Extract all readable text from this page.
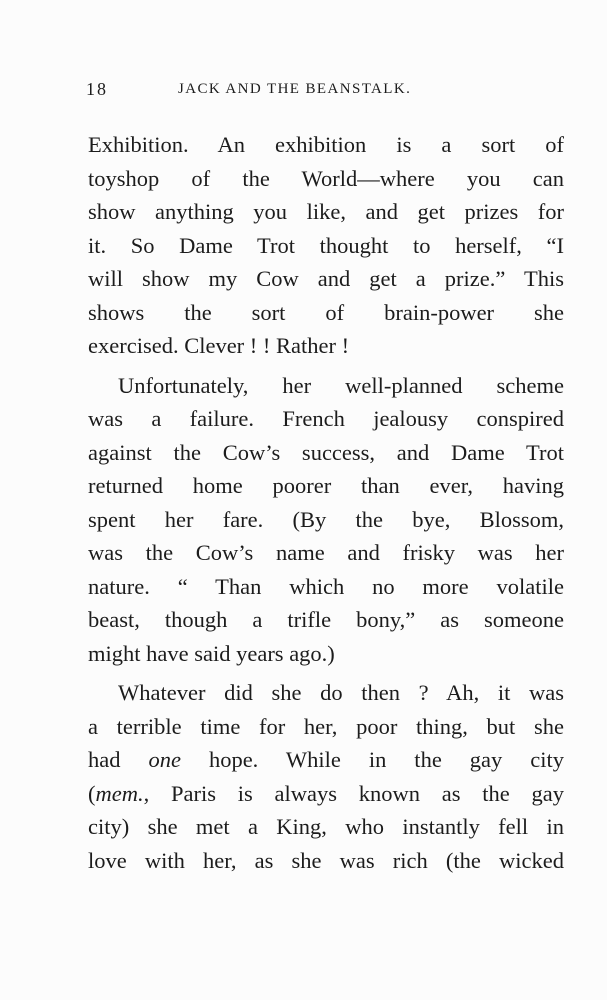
18	JACK AND THE BEANSTALK.
Exhibition. An exhibition is a sort of
toyshop of the World—where you can
show anything you like, and get prizes for
it. So Dame Trot thought to herself, “I
will show my Cow and get a prize.” This
shows the sort of brain-power she
exercised. Clever ! ! Rather !
Unfortunately, her well-planned scheme
was a failure. French jealousy conspired
against the Cow’s success, and Dame Trot
returned home poorer than ever, having
spent her fare. (By the bye, Blossom,
was the Cow’s name and frisky was her
nature. “ Than which no more volatile
beast, though a trifle bony,” as someone
might have said years ago.)
Whatever did she do then ? Ah, it was
a terrible time for her, poor thing, but she
had one hope. While in the gay city
(mem., Paris is always known as the gay
city) she met a King, who instantly fell in
love with her, as she was rich (the wicked
